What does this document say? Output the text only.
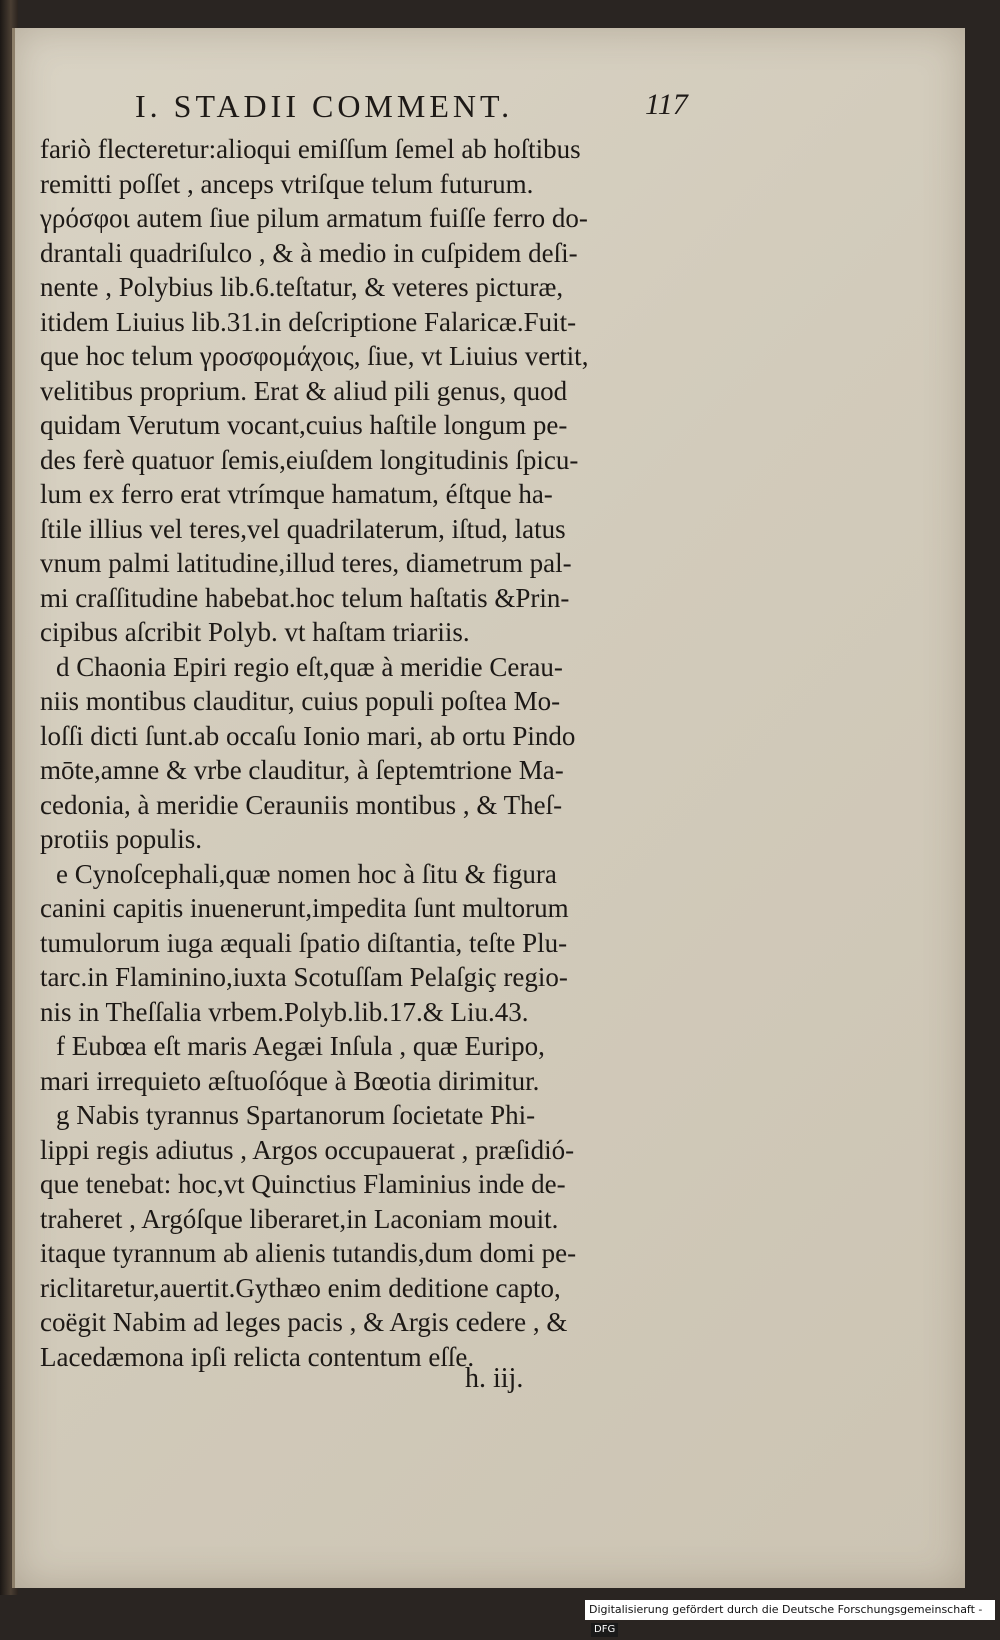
I. STADII COMMENT.	117
fariò flecteretur:alioqui emiſſum ſemel ab hoſtibus
remitti poſſet , anceps vtriſque telum futurum.
γρόσφοι autem ſiue pilum armatum fuiſſe ferro do-
drantali quadriſulco , & à medio in cuſpidem deſi-
nente , Polybius lib.6.teſtatur, & veteres picturæ,
itidem Liuius lib.31.in deſcriptione Falaricæ.Fuit-
que hoc telum γροσφομάχοις, ſiue, vt Liuius vertit,
velitibus proprium. Erat & aliud pili genus, quod
quidam Verutum vocant,cuius haſtile longum pe-
des ferè quatuor ſemis,eiuſdem longitudinis ſpicu-
lum ex ferro erat vtrímque hamatum, éſtque ha-
ſtile illius vel teres,vel quadrilaterum, iſtud, latus
vnum palmi latitudine,illud teres, diametrum pal-
mi craſſitudine habebat.hoc telum haſtatis &Prin-
cipibus aſcribit Polyb. vt haſtam triariis.
d Chaonia Epiri regio eſt,quæ à meridie Cerau-
niis montibus clauditur, cuius populi poſtea Mo-
loſſi dicti ſunt.ab occaſu Ionio mari, ab ortu Pindo
mōte,amne & vrbe clauditur, à ſeptemtrione Ma-
cedonia, à meridie Cerauniis montibus , & Theſ-
protiis populis.
e Cynoſcephali,quæ nomen hoc à ſitu & figura
canini capitis inuenerunt,impedita ſunt multorum
tumulorum iuga æquali ſpatio diſtantia, teſte Plu-
tarc.in Flaminino,iuxta Scotuſſam Pelaſgiç regio-
nis in Theſſalia vrbem.Polyb.lib.17.& Liu.43.
f Eubœa eſt maris Aegæi Inſula , quæ Euripo,
mari irrequieto æſtuoſóque à Bœotia dirimitur.
g Nabis tyrannus Spartanorum ſocietate Phi-
lippi regis adiutus , Argos occupauerat , præſidió-
que tenebat: hoc,vt Quinctius Flaminius inde de-
traheret , Argóſque liberaret,in Laconiam mouit.
itaque tyrannum ab alienis tutandis,dum domi pe-
riclitaretur,auertit.Gythæo enim deditione capto,
coëgit Nabim ad leges pacis , & Argis cedere , &
Lacedæmona ipſi relicta contentum eſſe.
h. iij.
Digitalisierung gefördert durch die Deutsche Forschungsgemeinschaft - DFG
